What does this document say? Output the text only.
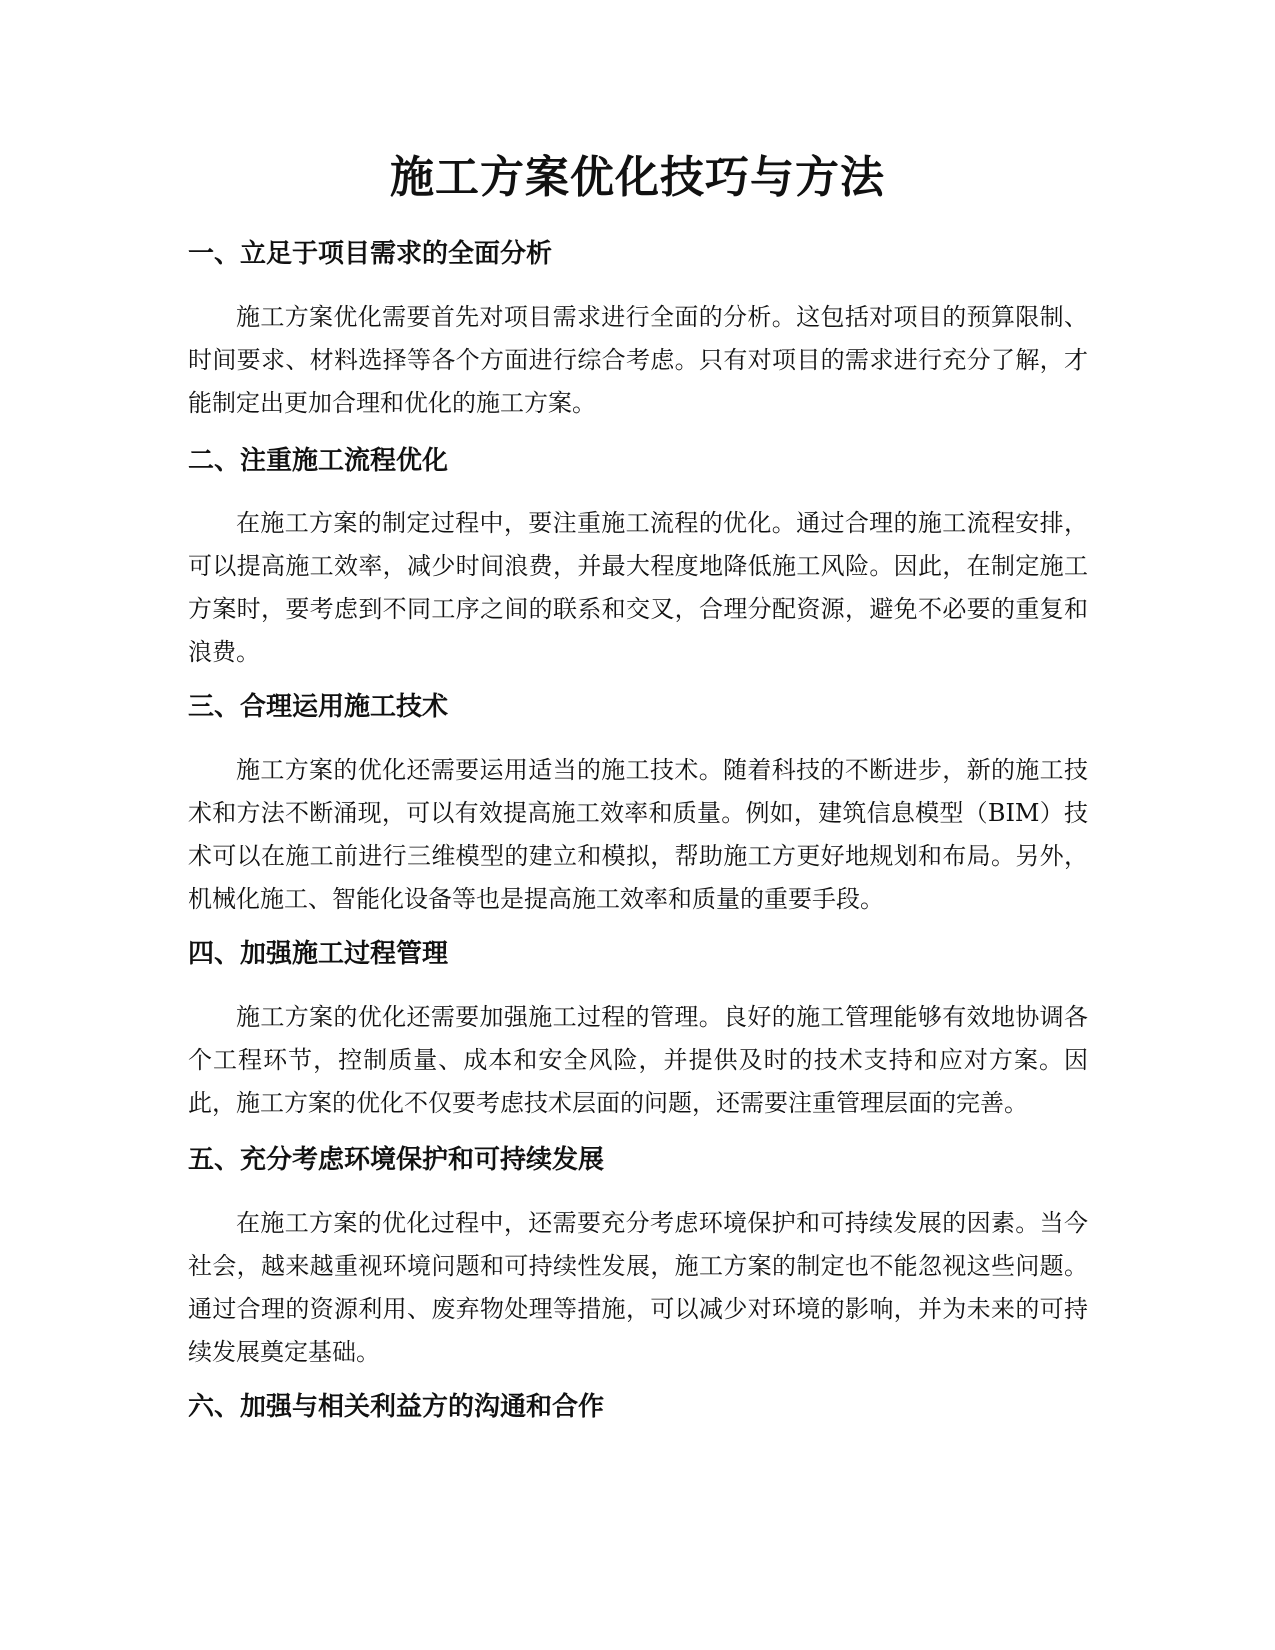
施工方案优化技巧与方法
一、立足于项目需求的全面分析

施工方案优化需要首先对项目需求进行全面的分析。这包括对项目的预算限制、时间要求、材料选择等各个方面进行综合考虑。只有对项目的需求进行充分了解，才能制定出更加合理和优化的施工方案。

二、注重施工流程优化

在施工方案的制定过程中，要注重施工流程的优化。通过合理的施工流程安排，可以提高施工效率，减少时间浪费，并最大程度地降低施工风险。因此，在制定施工方案时，要考虑到不同工序之间的联系和交叉，合理分配资源，避免不必要的重复和浪费。

三、合理运用施工技术

施工方案的优化还需要运用适当的施工技术。随着科技的不断进步，新的施工技术和方法不断涌现，可以有效提高施工效率和质量。例如，建筑信息模型（BIM）技术可以在施工前进行三维模型的建立和模拟，帮助施工方更好地规划和布局。另外，机械化施工、智能化设备等也是提高施工效率和质量的重要手段。

四、加强施工过程管理

施工方案的优化还需要加强施工过程的管理。良好的施工管理能够有效地协调各个工程环节，控制质量、成本和安全风险，并提供及时的技术支持和应对方案。因此，施工方案的优化不仅要考虑技术层面的问题，还需要注重管理层面的完善。

五、充分考虑环境保护和可持续发展

在施工方案的优化过程中，还需要充分考虑环境保护和可持续发展的因素。当今社会，越来越重视环境问题和可持续性发展，施工方案的制定也不能忽视这些问题。通过合理的资源利用、废弃物处理等措施，可以减少对环境的影响，并为未来的可持续发展奠定基础。

六、加强与相关利益方的沟通和合作
